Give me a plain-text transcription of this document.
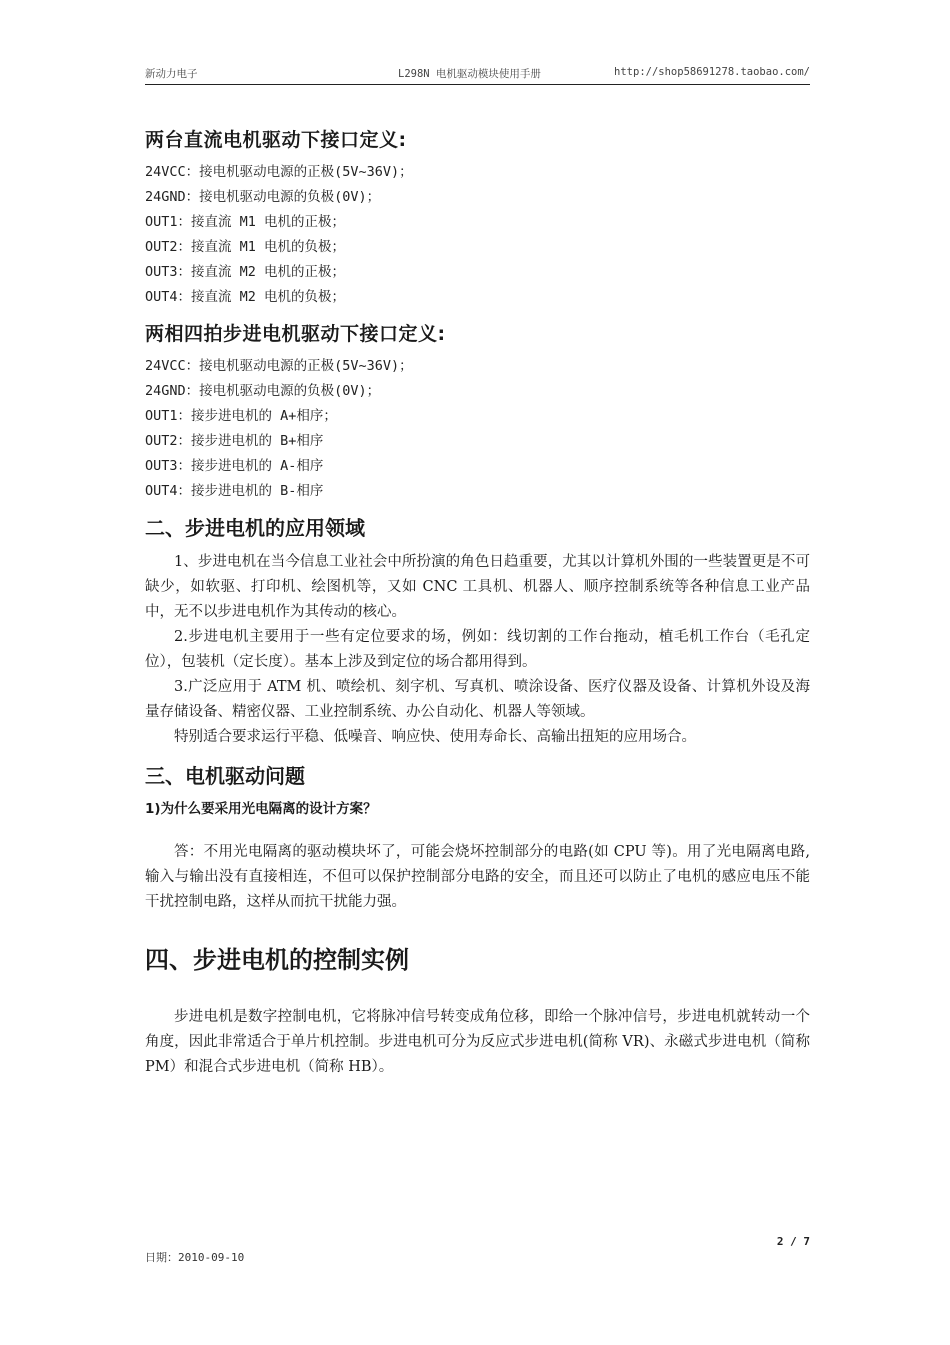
新动力电子	L298N 电机驱动模块使用手册	http://shop58691278.taobao.com/
两台直流电机驱动下接口定义:
24VCC：接电机驱动电源的正极(5V~36V)；
24GND：接电机驱动电源的负极(0V)；
OUT1：接直流 M1 电机的正极；
OUT2：接直流 M1 电机的负极；
OUT3：接直流 M2 电机的正极；
OUT4：接直流 M2 电机的负极；
两相四拍步进电机驱动下接口定义:
24VCC：接电机驱动电源的正极(5V~36V)；
24GND：接电机驱动电源的负极(0V)；
OUT1：接步进电机的 A+相序；
OUT2：接步进电机的 B+相序
OUT3：接步进电机的 A-相序
OUT4：接步进电机的 B-相序
二、步进电机的应用领域

1、步进电机在当今信息工业社会中所扮演的角色日趋重要，尤其以计算机外围的一些装置更是不可缺少，如软驱、打印机、绘图机等，又如 CNC 工具机、机器人、顺序控制系统等各种信息工业产品中，无不以步进电机作为其传动的核心。

2.步进电机主要用于一些有定位要求的场，例如：线切割的工作台拖动，植毛机工作台（毛孔定位），包装机（定长度）。基本上涉及到定位的场合都用得到。

3.广泛应用于 ATM 机、喷绘机、刻字机、写真机、喷涂设备、医疗仪器及设备、计算机外设及海量存储设备、精密仪器、工业控制系统、办公自动化、机器人等领域。

特别适合要求运行平稳、低噪音、响应快、使用寿命长、高输出扭矩的应用场合。

三、电机驱动问题

1)为什么要采用光电隔离的设计方案？

答：不用光电隔离的驱动模块坏了，可能会烧坏控制部分的电路(如 CPU 等)。用了光电隔离电路,输入与输出没有直接相连，不但可以保护控制部分电路的安全，而且还可以防止了电机的感应电压不能干扰控制电路，这样从而抗干扰能力强。

四、步进电机的控制实例

步进电机是数字控制电机，它将脉冲信号转变成角位移，即给一个脉冲信号，步进电机就转动一个角度，因此非常适合于单片机控制。步进电机可分为反应式步进电机(简称 VR)、永磁式步进电机（简称 PM）和混合式步进电机（简称 HB）。

2 / 7
日期：2010-09-10
